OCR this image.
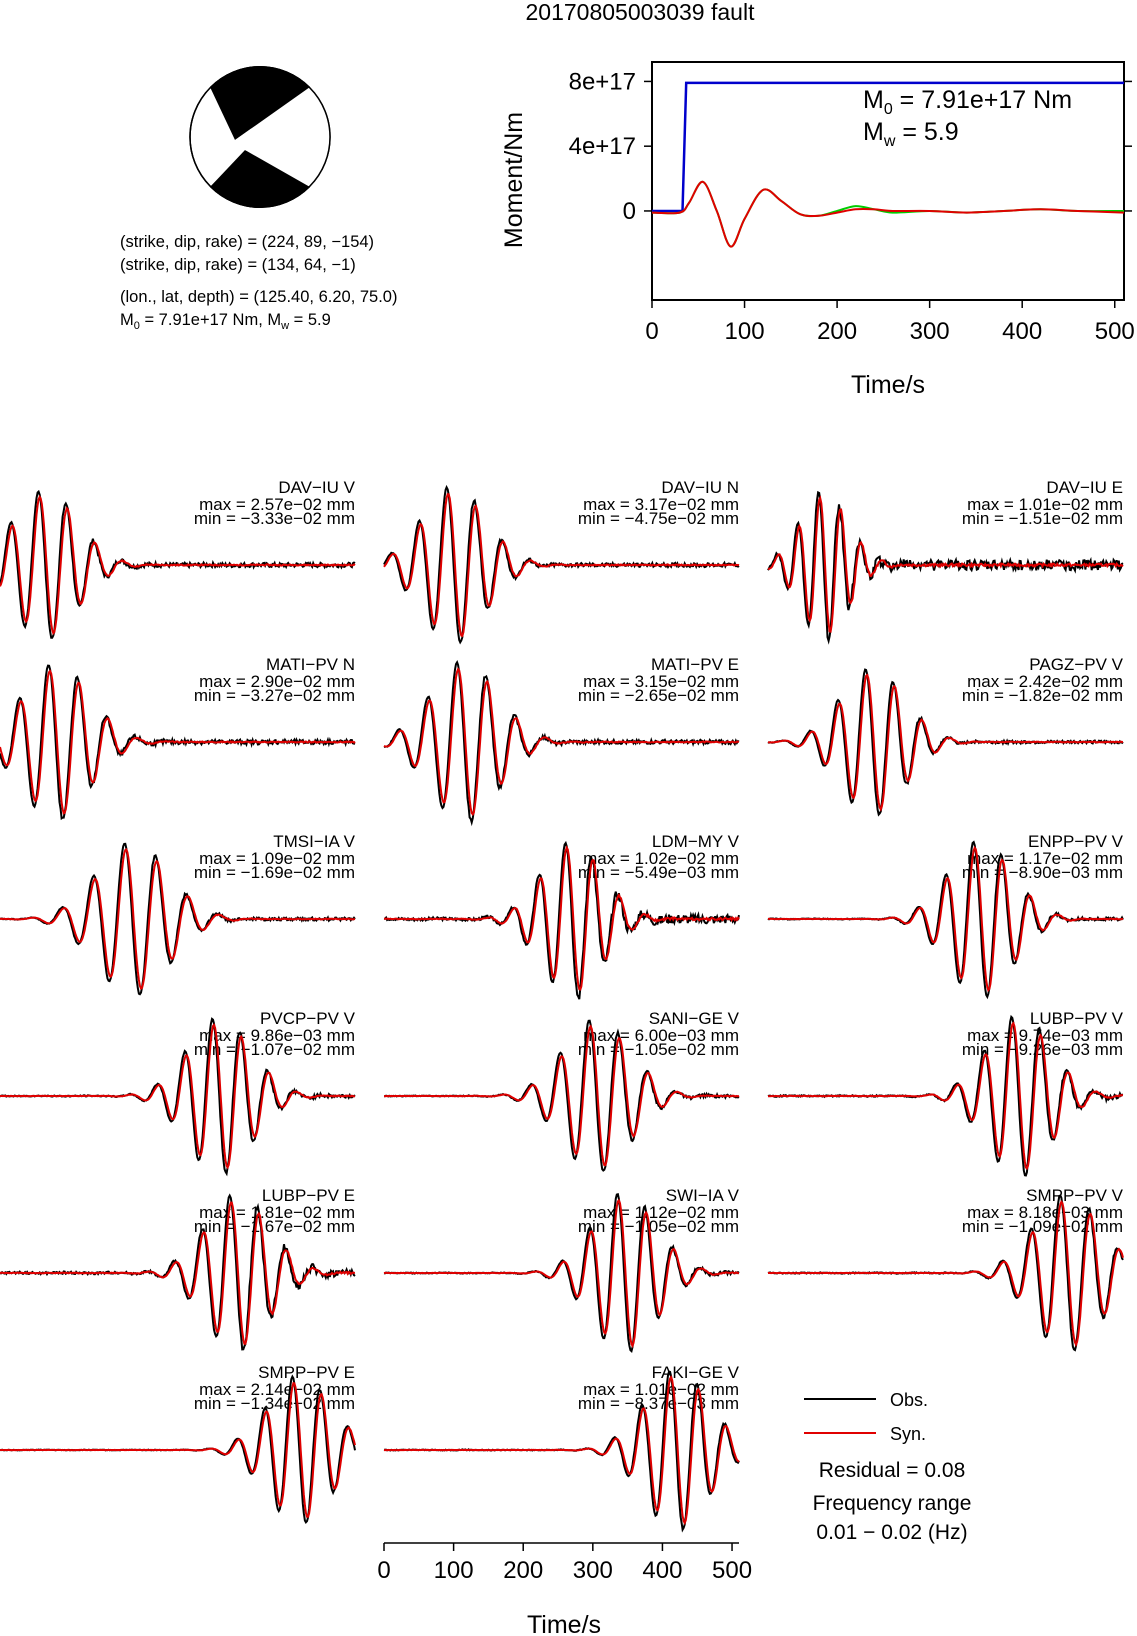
20170805003039 fault
(strike, dip, rake) = (224, 89, −154)
(strike, dip, rake) = (134, 64, −1)
(lon., lat, depth) = (125.40, 6.20, 75.0)
$M_0 = 7.91e+17$ Nm, $M_w = 5.9$	0	100 200 300 400 500
0
4e+17
8e+17
Moment/Nm
Time/s
$M_0 = 7.91e+17$ Nm
$M_w = 5.9$
DAV−IU V
max = 2.57e−02 mm
min = −3.33e−02 mm
DAV−IU N
max = 3.17e−02 mm
min = −4.75e−02 mm
DAV−IU E
max = 1.01e−02 mm
min = −1.51e−02 mm
MATI−PV N
max = 2.90e−02 mm
min = −3.27e−02 mm
MATI−PV E
max = 3.15e−02 mm
min = −2.65e−02 mm
PAGZ−PV V
max = 2.42e−02 mm
min = −1.82e−02 mm
TMSI−IA V
max = 1.09e−02 mm
min = −1.69e−02 mm
LDM−MY V
max = 1.02e−02 mm
min = −5.49e−03 mm
ENPP−PV V
max = 1.17e−02 mm
min = −8.90e−03 mm
PVCP−PV V
max = 9.86e−03 mm
min = −1.07e−02 mm
SANI−GE V
max = 6.00e−03 mm
min = −1.05e−02 mm
LUBP−PV V
max = 9.74e−03 mm
min = −9.26e−03 mm
LUBP−PV E
max = 1.81e−02 mm
min = −1.67e−02 mm
SWI−IA V
max = 1.12e−02 mm
min = −1.05e−02 mm
SMPP−PV V
max = 8.18e−03 mm
min = −1.09e−02 mm
SMPP−PV E
max = 2.14e−02 mm
min = −1.34e−02 mm
FAKI−GE V
max = 1.01e−02 mm
min = −8.37e−03 mm
0 100 200 300 400 500
Time/s
Obs.
Syn.
Residual = 0.08
Frequency range
0.01 − 0.02 (Hz)
